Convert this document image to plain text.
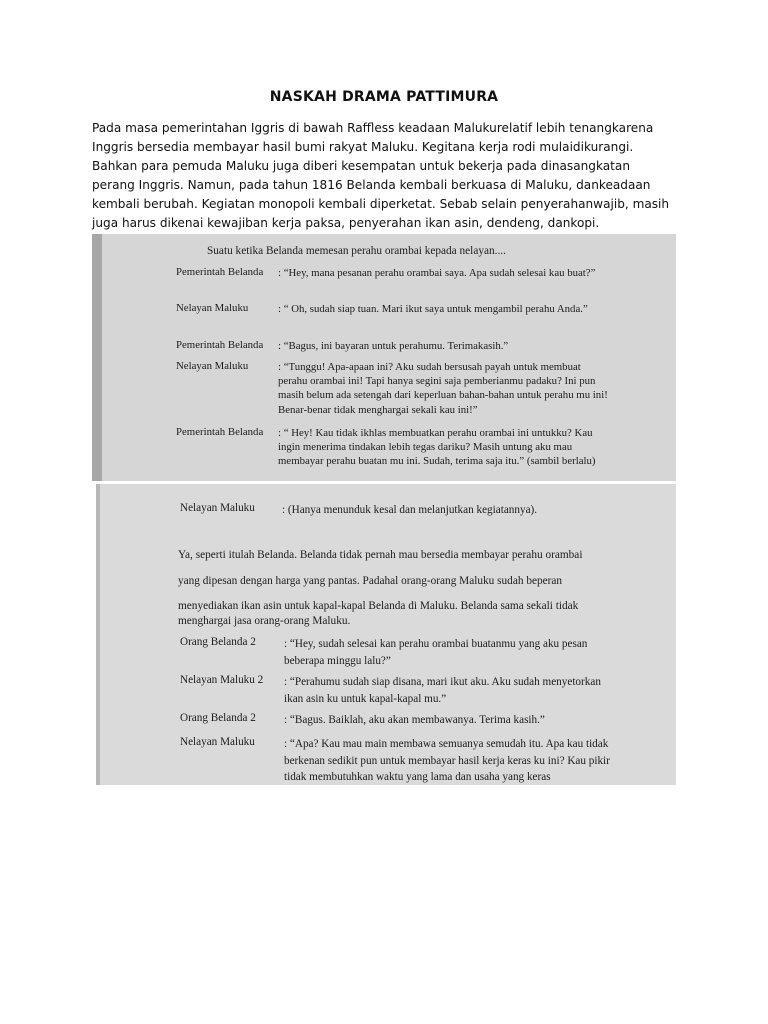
NASKAH DRAMA PATTIMURA
Pada masa pemerintahan Iggris di bawah Raffless keadaan Malukurelatif lebih tenangkarena Inggris bersedia membayar hasil bumi rakyat Maluku. Kegitana kerja rodi mulaidikurangi. Bahkan para pemuda Maluku juga diberi kesempatan untuk bekerja pada dinasangkatan perang Inggris. Namun, pada tahun 1816 Belanda kembali berkuasa di Maluku, dankeadaan kembali berubah. Kegiatan monopoli kembali diperketat. Sebab selain penyerahanwajib, masih juga harus dikenai kewajiban kerja paksa, penyerahan ikan asin, dendeng, dankopi.
Suatu ketika Belanda memesan perahu orambai kepada nelayan....
Pemerintah Belanda : “Hey, mana pesanan perahu orambai saya. Apa sudah selesai kau buat?”
Nelayan Maluku	: “ Oh, sudah siap tuan. Mari ikut saya untuk mengambil perahu Anda.”
Pemerintah Belanda : “Bagus, ini bayaran untuk perahumu. Terimakasih.”
Nelayan Maluku	: “Tunggu! Apa-apaan ini? Aku sudah bersusah payah untuk membuat perahu orambai ini! Tapi hanya segini saja pemberianmu padaku? Ini pun masih belum ada setengah dari keperluan bahan-bahan untuk perahu mu ini! Benar-benar tidak menghargai sekali kau ini!”
Pemerintah Belanda : “ Hey! Kau tidak ikhlas membuatkan perahu orambai ini untukku? Kau ingin menerima tindakan lebih tegas dariku? Masih untung aku mau membayar perahu buatan mu ini. Sudah, terima saja itu.” (sambil berlalu)
Nelayan Maluku : (Hanya menunduk kesal dan melanjutkan kegiatannya).
Ya, seperti itulah Belanda. Belanda tidak pernah mau bersedia membayar perahu orambai
yang dipesan dengan harga yang pantas. Padahal orang-orang Maluku sudah beperan
menyediakan ikan asin untuk kapal-kapal Belanda di Maluku. Belanda sama sekali tidak
menghargai jasa orang-orang Maluku.
Orang Belanda 2	: “Hey, sudah selesai kan perahu orambai buatanmu yang aku pesan beberapa minggu lalu?”
Nelayan Maluku 2 : “Perahumu sudah siap disana, mari ikut aku. Aku sudah menyetorkan ikan asin ku untuk kapal-kapal mu.”
Orang Belanda 2	: “Bagus. Baiklah, aku akan membawanya. Terima kasih.”
Nelayan Maluku	: “Apa? Kau mau main membawa semuanya semudah itu. Apa kau tidak berkenan sedikit pun untuk membayar hasil kerja keras ku ini? Kau pikir tidak membutuhkan waktu yang lama dan usaha yang keras
